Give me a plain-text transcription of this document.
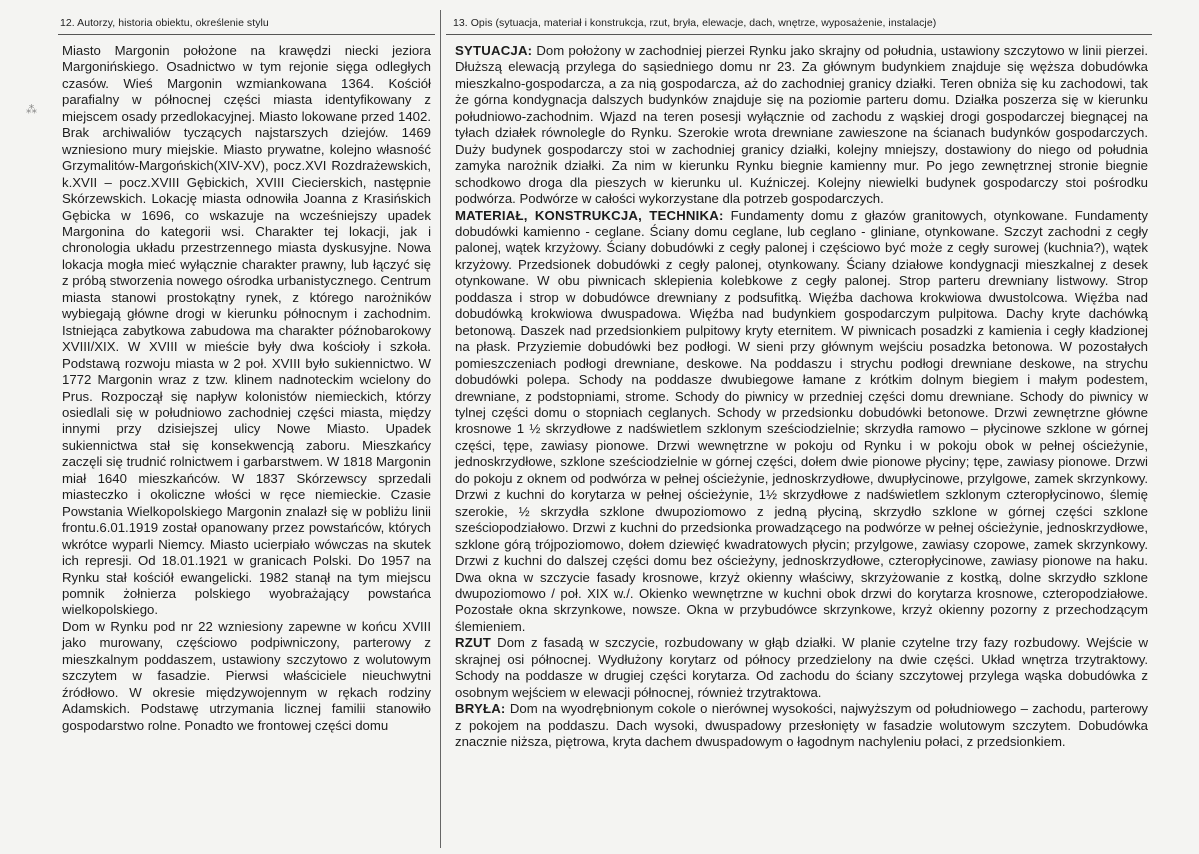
12. Autorzy, historia obiektu, określenie stylu	13. Opis (sytuacja, materiał i konstrukcja, rzut, bryła, elewacje, dach, wnętrze, wyposażenie, instalacje)
⁂

Miasto Margonin położone na krawędzi niecki jeziora Margonińskiego. Osadnictwo w tym rejonie sięga odległych czasów. Wieś Margonin wzmiankowana 1364. Kościół parafialny w północnej części miasta identyfikowany z miejscem osady przedlokacyjnej. Miasto lokowane przed 1402. Brak archiwaliów tyczących najstarszych dziejów. 1469 wzniesiono mury miejskie. Miasto prywatne, kolejno własność Grzymalitów-Margońskich(XIV-XV), pocz.XVI Rozdrażewskich, k.XVII – pocz.XVIII Gębickich, XVIII Ciecierskich, następnie Skórzewskich. Lokację miasta odnowiła Joanna z Krasińskich Gębicka w 1696, co wskazuje na wcześniejszy upadek Margonina do kategorii wsi. Charakter tej lokacji, jak i chronologia układu przestrzennego miasta dyskusyjne. Nowa lokacja mogła mieć wyłącznie charakter prawny, lub łączyć się z próbą stworzenia nowego ośrodka urbanistycznego. Centrum miasta stanowi prostokątny rynek, z którego narożników wybiegają główne drogi w kierunku północnym i zachodnim. Istniejąca zabytkowa zabudowa ma charakter późnobarokowy XVIII/XIX. W XVIII w mieście były dwa kościoły i szkoła. Podstawą rozwoju miasta w 2 poł. XVIII było sukiennictwo. W 1772 Margonin wraz z tzw. klinem nadnoteckim wcielony do Prus. Rozpoczął się napływ kolonistów niemieckich, którzy osiedlali się w południowo zachodniej części miasta, między innymi przy dzisiejszej ulicy Nowe Miasto. Upadek sukiennictwa stał się konsekwencją zaboru. Mieszkańcy zaczęli się trudnić rolnictwem i garbarstwem. W 1818 Margonin miał 1640 mieszkańców. W 1837 Skórzewscy sprzedali miasteczko i okoliczne włości w ręce niemieckie. Czasie Powstania Wielkopolskiego Margonin znalazł się w pobliżu linii frontu.6.01.1919 został opanowany przez powstańców, których wkrótce wyparli Niemcy. Miasto ucierpiało wówczas na skutek ich represji. Od 18.01.1921 w granicach Polski. Do 1957 na Rynku stał kościół ewangelicki. 1982 stanął na tym miejscu pomnik żołnierza polskiego wyobrażający powstańca wielkopolskiego.

Dom w Rynku pod nr 22 wzniesiony zapewne w końcu XVIII jako murowany, częściowo podpiwniczony, parterowy z mieszkalnym poddaszem, ustawiony szczytowo z wolutowym szczytem w fasadzie. Pierwsi właściciele nieuchwytni źródłowo. W okresie międzywojennym w rękach rodziny Adamskich. Podstawę utrzymania licznej familii stanowiło gospodarstwo rolne. Ponadto we frontowej części domu

SYTUACJA: Dom położony w zachodniej pierzei Rynku jako skrajny od południa, ustawiony szczytowo w linii pierzei. Dłuższą elewacją przylega do sąsiedniego domu nr 23. Za głównym budynkiem znajduje się węższa dobudówka mieszkalno-gospodarcza, a za nią gospodarcza, aż do zachodniej granicy działki. Teren obniża się ku zachodowi, tak że górna kondygnacja dalszych budynków znajduje się na poziomie parteru domu. Działka poszerza się w kierunku południowo-zachodnim. Wjazd na teren posesji wyłącznie od zachodu z wąskiej drogi gospodarczej biegnącej na tyłach działek równolegle do Rynku. Szerokie wrota drewniane zawieszone na ścianach budynków gospodarczych. Duży budynek gospodarczy stoi w zachodniej granicy działki, kolejny mniejszy, dostawiony do niego od południa zamyka narożnik działki. Za nim w kierunku Rynku biegnie kamienny mur. Po jego zewnętrznej stronie biegnie schodkowo droga dla pieszych w kierunku ul. Kuźniczej. Kolejny niewielki budynek gospodarczy stoi pośrodku podwórza. Podwórze w całości wykorzystane dla potrzeb gospodarczych.

MATERIAŁ, KONSTRUKCJA, TECHNIKA: Fundamenty domu z głazów granitowych, otynkowane. Fundamenty dobudówki kamienno - ceglane. Ściany domu ceglane, lub ceglano - gliniane, otynkowane. Szczyt zachodni z cegły palonej, wątek krzyżowy. Ściany dobudówki z cegły palonej i częściowo być może z cegły surowej (kuchnia?), wątek krzyżowy. Przedsionek dobudówki z cegły palonej, otynkowany. Ściany działowe kondygnacji mieszkalnej z desek otynkowane. W obu piwnicach sklepienia kolebkowe z cegły palonej. Strop parteru drewniany listwowy. Strop poddasza i strop w dobudówce drewniany z podsufitką. Więźba dachowa krokwiowa dwustolcowa. Więźba nad dobudówką krokwiowa dwuspadowa. Więźba nad budynkiem gospodarczym pulpitowa. Dachy kryte dachówką betonową. Daszek nad przedsionkiem pulpitowy kryty eternitem. W piwnicach posadzki z kamienia i cegły kładzionej na płask. Przyziemie dobudówki bez podłogi. W sieni przy głównym wejściu posadzka betonowa. W pozostałych pomieszczeniach podłogi drewniane, deskowe. Na poddaszu i strychu podłogi drewniane deskowe, na strychu dobudówki polepa. Schody na poddasze dwubiegowe łamane z krótkim dolnym biegiem i małym podestem, drewniane, z podstopniami, strome. Schody do piwnicy w przedniej części domu drewniane. Schody do piwnicy w tylnej części domu o stopniach ceglanych. Schody w przedsionku dobudówki betonowe. Drzwi zewnętrzne główne krosnowe 1 ½ skrzydłowe z nadświetlem szklonym sześciodzielnie; skrzydła ramowo – płycinowe szklone w górnej części, tępe, zawiasy pionowe. Drzwi wewnętrzne w pokoju od Rynku i w pokoju obok w pełnej ościeżynie, jednoskrzydłowe, szklone sześciodzielnie w górnej części, dołem dwie pionowe płyciny; tępe, zawiasy pionowe. Drzwi do pokoju z oknem od podwórza w pełnej ościeżynie, jednoskrzydłowe, dwupłycinowe, przylgowe, zamek skrzynkowy. Drzwi z kuchni do korytarza w pełnej ościeżynie, 1½ skrzydłowe z nadświetlem szklonym czteropłycinowo, ślemię szerokie, ½ skrzydła szklone dwupoziomowo z jedną płyciną, skrzydło szklone w górnej części szklone sześciopodziałowo. Drzwi z kuchni do przedsionka prowadzącego na podwórze w pełnej ościeżynie, jednoskrzydłowe, szklone górą trójpoziomowo, dołem dziewięć kwadratowych płycin; przylgowe, zawiasy czopowe, zamek skrzynkowy. Drzwi z kuchni do dalszej części domu bez ościeżyny, jednoskrzydłowe, czteropłycinowe, zawiasy pionowe na haku. Dwa okna w szczycie fasady krosnowe, krzyż okienny właściwy, skrzyżowanie z kostką, dolne skrzydło szklone dwupoziomowo / poł. XIX w./. Okienko wewnętrzne w kuchni obok drzwi do korytarza krosnowe, czteropodziałowe. Pozostałe okna skrzynkowe, nowsze. Okna w przybudówce skrzynkowe, krzyż okienny pozorny z przechodzącym ślemieniem.

RZUT Dom z fasadą w szczycie, rozbudowany w głąb działki. W planie czytelne trzy fazy rozbudowy. Wejście w skrajnej osi północnej. Wydłużony korytarz od północy przedzielony na dwie części. Układ wnętrza trzytraktowy. Schody na poddasze w drugiej części korytarza. Od zachodu do ściany szczytowej przylega wąska dobudówka z osobnym wejściem w elewacji północnej, również trzytraktowa.

BRYŁA: Dom na wyodrębnionym cokole o nierównej wysokości, najwyższym od południowego – zachodu, parterowy z pokojem na poddaszu. Dach wysoki, dwuspadowy przesłonięty w fasadzie wolutowym szczytem. Dobudówka znacznie niższa, piętrowa, kryta dachem dwuspadowym o łagodnym nachyleniu połaci, z przedsionkiem.
